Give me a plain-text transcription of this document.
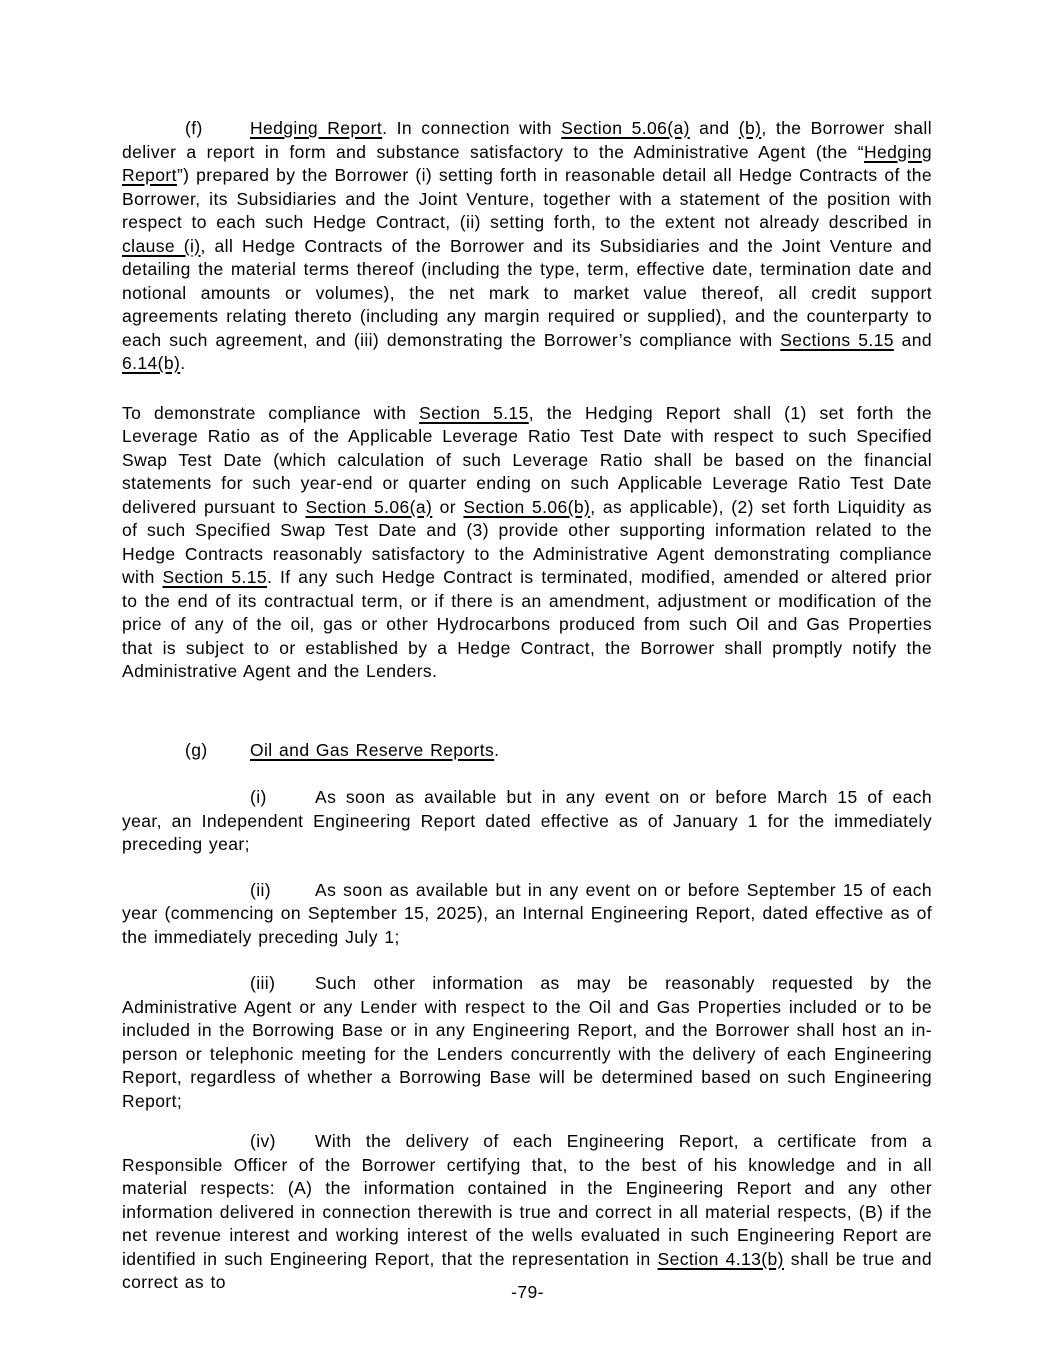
(f)	Hedging Report. In connection with Section 5.06(a) and (b), the Borrower shall deliver a report in form and substance satisfactory to the Administrative Agent (the “Hedging Report”) prepared by the Borrower (i) setting forth in reasonable detail all Hedge Contracts of the Borrower, its Subsidiaries and the Joint Venture, together with a statement of the position with respect to each such Hedge Contract, (ii) setting forth, to the extent not already described in clause (i), all Hedge Contracts of the Borrower and its Subsidiaries and the Joint Venture and detailing the material terms thereof (including the type, term, effective date, termination date and notional amounts or volumes), the net mark to market value thereof, all credit support agreements relating thereto (including any margin required or supplied), and the counterparty to each such agreement, and (iii) demonstrating the Borrower’s compliance with Sections 5.15 and 6.14(b).

To demonstrate compliance with Section 5.15, the Hedging Report shall (1) set forth the Leverage Ratio as of the Applicable Leverage Ratio Test Date with respect to such Specified Swap Test Date (which calculation of such Leverage Ratio shall be based on the financial statements for such year-end or quarter ending on such Applicable Leverage Ratio Test Date delivered pursuant to Section 5.06(a) or Section 5.06(b), as applicable), (2) set forth Liquidity as of such Specified Swap Test Date and (3) provide other supporting information related to the Hedge Contracts reasonably satisfactory to the Administrative Agent demonstrating compliance with Section 5.15. If any such Hedge Contract is terminated, modified, amended or altered prior to the end of its contractual term, or if there is an amendment, adjustment or modification of the price of any of the oil, gas or other Hydrocarbons produced from such Oil and Gas Properties that is subject to or established by a Hedge Contract, the Borrower shall promptly notify the Administrative Agent and the Lenders.

(g) Oil and Gas Reserve Reports.

(i)	As soon as available but in any event on or before March 15 of each year, an Independent Engineering Report dated effective as of January 1 for the immediately preceding year;

(ii)	As soon as available but in any event on or before September 15 of each year (commencing on September 15, 2025), an Internal Engineering Report, dated effective as of the immediately preceding July 1;

(iii) Such other information as may be reasonably requested by the Administrative Agent or any Lender with respect to the Oil and Gas Properties included or to be included in the Borrowing Base or in any Engineering Report, and the Borrower shall host an in-person or telephonic meeting for the Lenders concurrently with the delivery of each Engineering Report, regardless of whether a Borrowing Base will be determined based on such Engineering Report;

(iv) With the delivery of each Engineering Report, a certificate from a Responsible Officer of the Borrower certifying that, to the best of his knowledge and in all material respects: (A) the information contained in the Engineering Report and any other information delivered in connection therewith is true and correct in all material respects, (B) if the net revenue interest and working interest of the wells evaluated in such Engineering Report are identified in such Engineering Report, that the representation in Section 4.13(b) shall be true and correct as to	-79-
